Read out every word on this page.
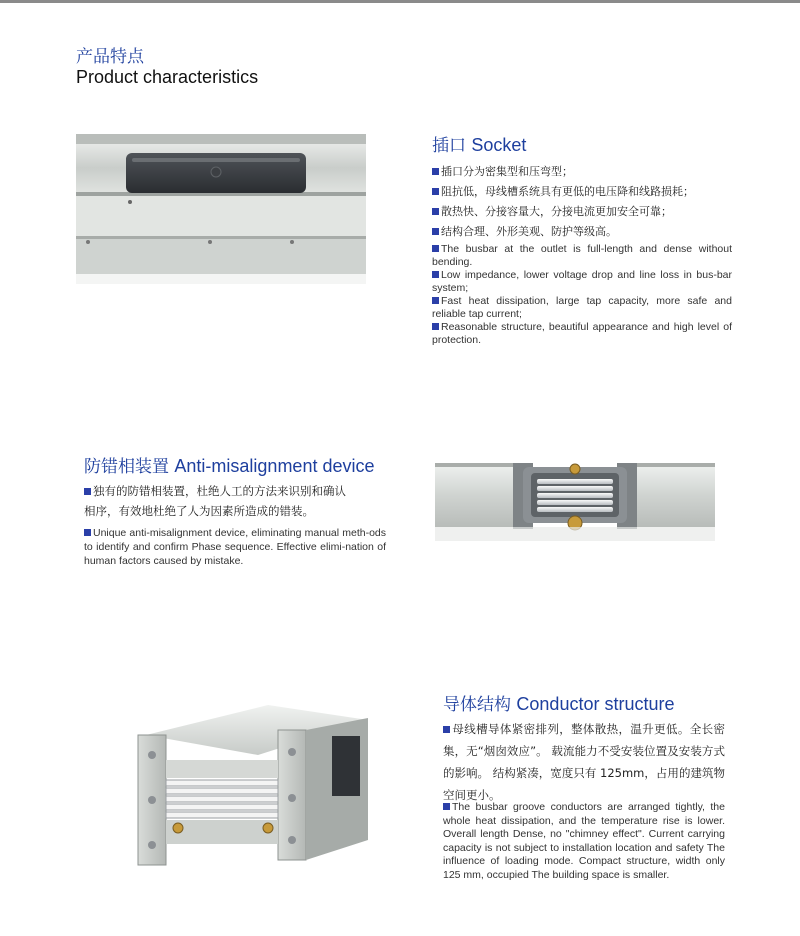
产品特点
Product characteristics
插口 Socket
插口分为密集型和压弯型；
阻抗低，母线槽系统具有更低的电压降和线路损耗；
散热快、分接容量大，分接电流更加安全可靠；
结构合理、外形美观、防护等级高。

The busbar at the outlet is full-length and dense without bending.

Low impedance, lower voltage drop and line loss in bus-bar system;

Fast heat dissipation, large tap capacity, more safe and reliable tap current;

Reasonable structure, beautiful appearance and high level of protection.

防错相装置 Anti-misalignment device
独有的防错相装置，杜绝人工的方法来识别和确认
相序，有效地杜绝了人为因素所造成的错装。

Unique anti-misalignment device, eliminating manual meth-ods to identify and confirm Phase sequence. Effective elimi-nation of human factors caused by mistake.

导体结构 Conductor structure
母线槽导体紧密排列，整体散热，温升更低。全长密集，无“烟囱效应”。 载流能力不受安装位置及安装方式的影响。 结构紧凑，宽度只有 125mm，占用的建筑物空间更小。
The busbar groove conductors are arranged tightly, the whole heat dissipation, and the temperature rise is lower. Overall length Dense, no "chimney effect". Current carrying capacity is not subject to installation location and safety The influence of loading mode. Compact structure, width only 125 mm, occupied The building space is smaller.
